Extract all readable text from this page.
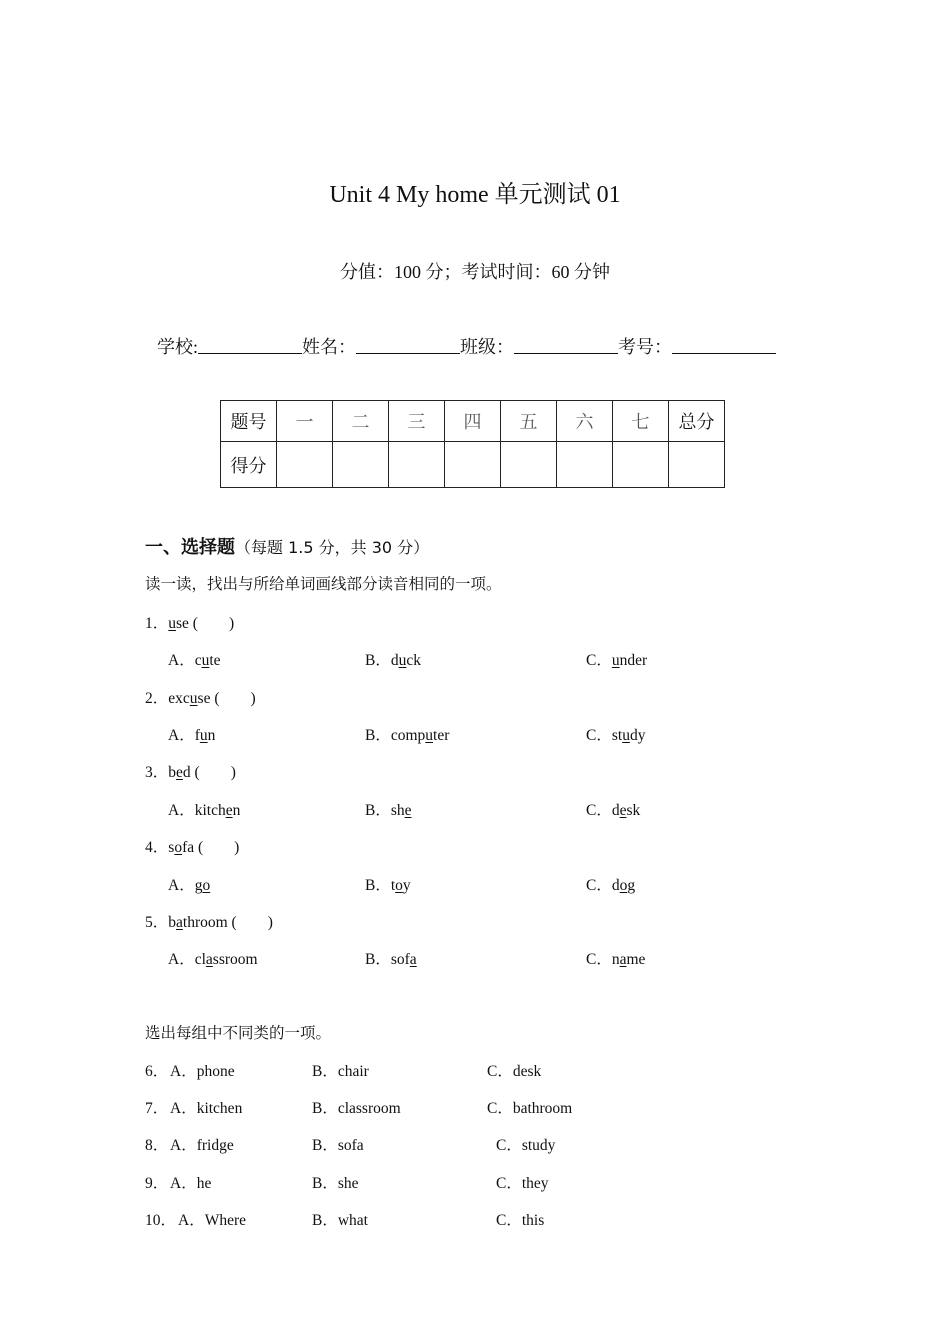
Unit 4 My home 单元测试 01
分值：100 分；考试时间：60 分钟
学校:	姓名：	班级：	考号：
题号	一	二	三	四	五	六	七	总分
得分								
一、选择题（每题 1.5 分，共 30 分）
读一读，找出与所给单词画线部分读音相同的一项。
1．use (　　)
A．cute	B．duck	C．under
2．excuse (　　)
A．fun	B．computer	C．study
3．bed (　　)
A．kitchen	B．she	C．desk
4．sofa (　　)
A．go	B．toy	C．dog
5．bathroom (　　)
A．classroom	B．sofa	C．name
选出每组中不同类的一项。
6． A．phone	B．chair	C．desk
7． A．kitchen	B．classroom	C．bathroom
8． A．fridge	B．sofa	C．study
9． A．he	B．she	C．they
10． A．Where	B．what	C．this
